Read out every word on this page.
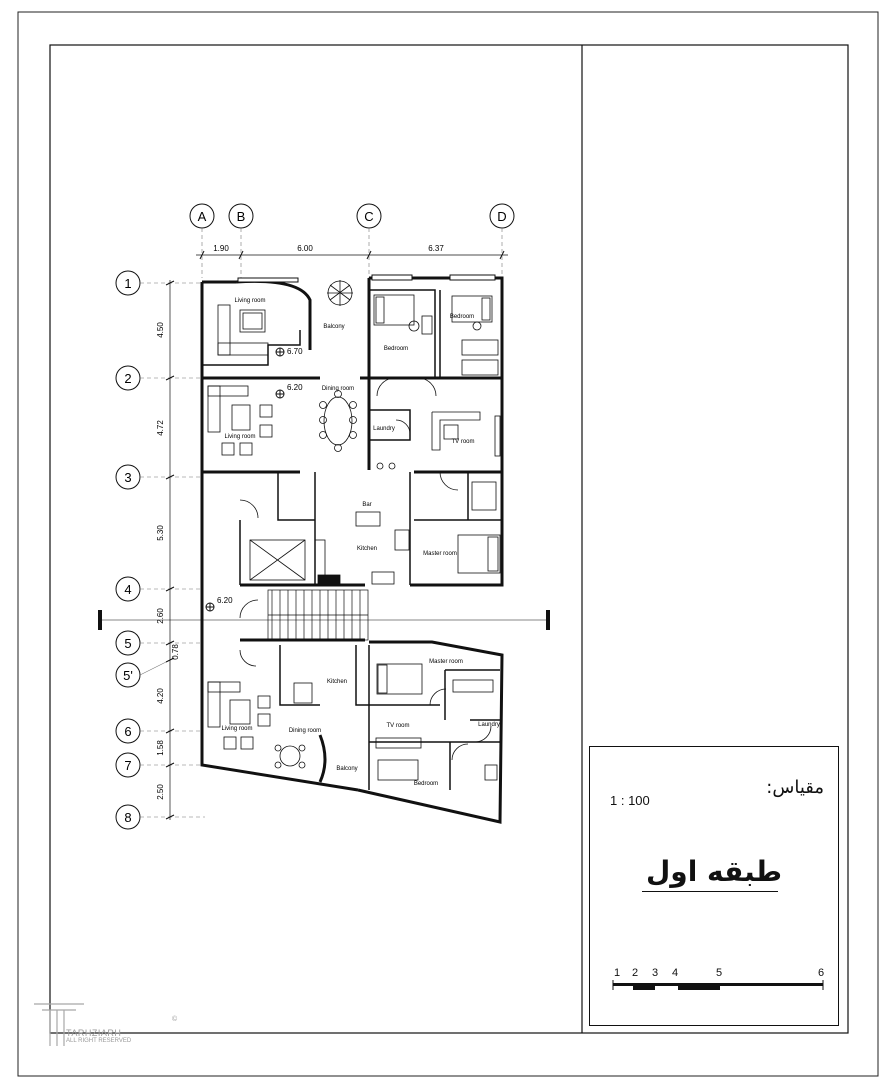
A B	C	D
1.90	6.00	6.37
1
2
3
4
5
5'
6
7
8
4.50
4.72
5.30
2.60
0.78
4.20
1.58
2.50
6.70
6.20
6.20
Living room
Balcony
Bedroom
Bedroom
Dining room
Living room
Laundry
TV room
Bar
Kitchen
Master room
Master room
Kitchen
Living room	Dining room
TV room	Laundry
Balcony
Bedroom	مقیاس:
1 : 100
طبقه اول
1 2 3 4	5	6
TARHZIARH
ALL RIGHT RESERVED
©
